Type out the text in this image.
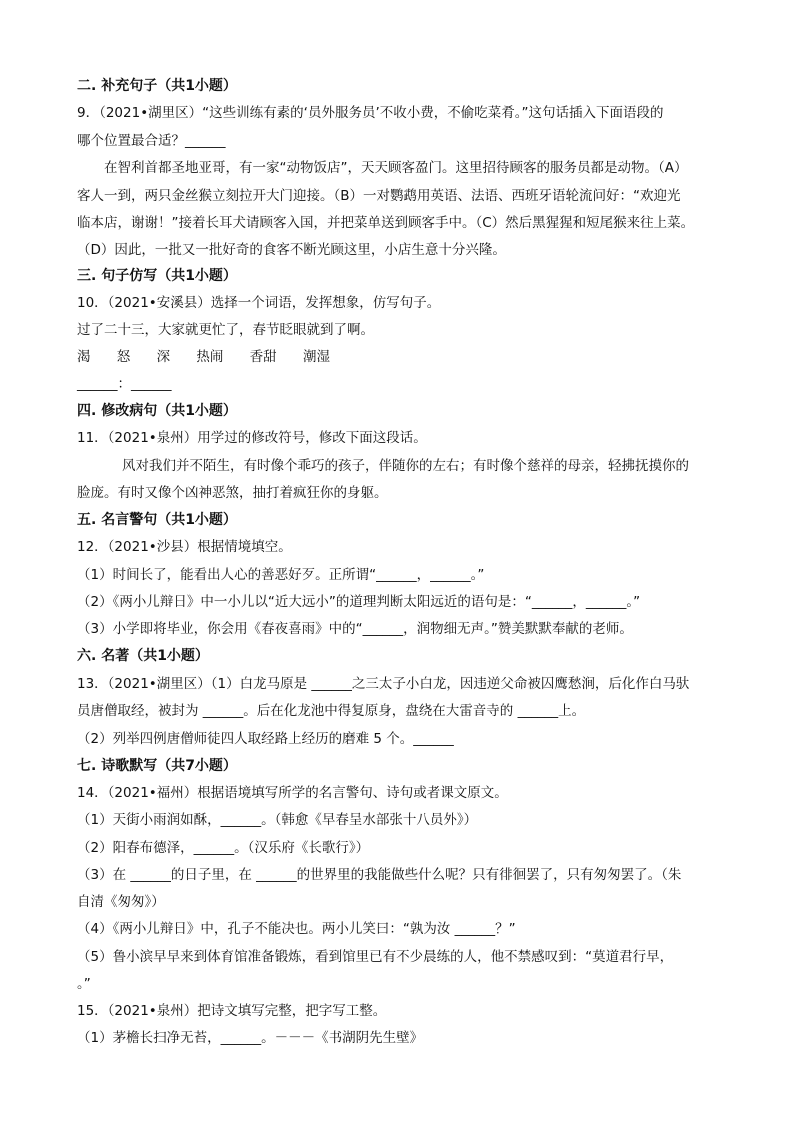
二. 补充句子（共1小题）
9．（2021•湖里区）“这些训练有素的‘员外服务员’不收小费，不偷吃菜肴。”这句话插入下面语段的
哪个位置最合适？______
在智利首都圣地亚哥，有一家“动物饭店”，天天顾客盈门。这里招待顾客的服务员都是动物。（A）
客人一到，两只金丝猴立刻拉开大门迎接。（B）一对鹦鹉用英语、法语、西班牙语轮流问好：“欢迎光
临本店，谢谢！”接着长耳犬请顾客入国，并把菜单送到顾客手中。（C）然后黑猩猩和短尾猴来往上菜。
（D）因此，一批又一批好奇的食客不断光顾这里，小店生意十分兴隆。
三. 句子仿写（共1小题）
10．（2021•安溪县）选择一个词语，发挥想象，仿写句子。
过了二十三，大家就更忙了，春节眨眼就到了啊。
渴 怒 深 热闹 香甜 潮湿
______：______
四. 修改病句（共1小题）
11．（2021•泉州）用学过的修改符号，修改下面这段话。
风对我们并不陌生，有时像个乖巧的孩子，伴随你的左右；有时像个慈祥的母亲，轻拂抚摸你的
脸庞。有时又像个凶神恶煞，抽打着疯狂你的身躯。
五. 名言警句（共1小题）
12．（2021•沙县）根据情境填空。
（1）时间长了，能看出人心的善恶好歹。正所谓“______，______。”
（2）《两小儿辩日》中一小儿以“近大远小”的道理判断太阳远近的语句是：“______，______。”
（3）小学即将毕业，你会用《春夜喜雨》中的“______，润物细无声。”赞美默默奉献的老师。
六. 名著（共1小题）
13．（2021•湖里区）（1）白龙马原是 ______之三太子小白龙，因违逆父命被囚鹰愁涧，后化作白马驮
员唐僧取经，被封为 ______。后在化龙池中得复原身，盘绕在大雷音寺的 ______上。
（2）列举四例唐僧师徒四人取经路上经历的磨难 5 个。______
七. 诗歌默写（共7小题）
14．（2021•福州）根据语境填写所学的名言警句、诗句或者课文原文。
（1）天街小雨润如酥，______。（韩愈《早春呈水部张十八员外》）
（2）阳春布德泽，______。（汉乐府《长歌行》）
（3）在 ______的日子里，在 ______的世界里的我能做些什么呢？只有徘徊罢了，只有匆匆罢了。（朱
自清《匆匆》）
（4）《两小儿辩日》中，孔子不能决也。两小儿笑曰：“孰为汝 ______？”
（5）鲁小滨早早来到体育馆准备锻炼，看到馆里已有不少晨练的人，他不禁感叹到：“莫道君行早，
。”
15．（2021•泉州）把诗文填写完整，把字写工整。
（1）茅檐长扫净无苔，______。－－－《书湖阴先生壁》
